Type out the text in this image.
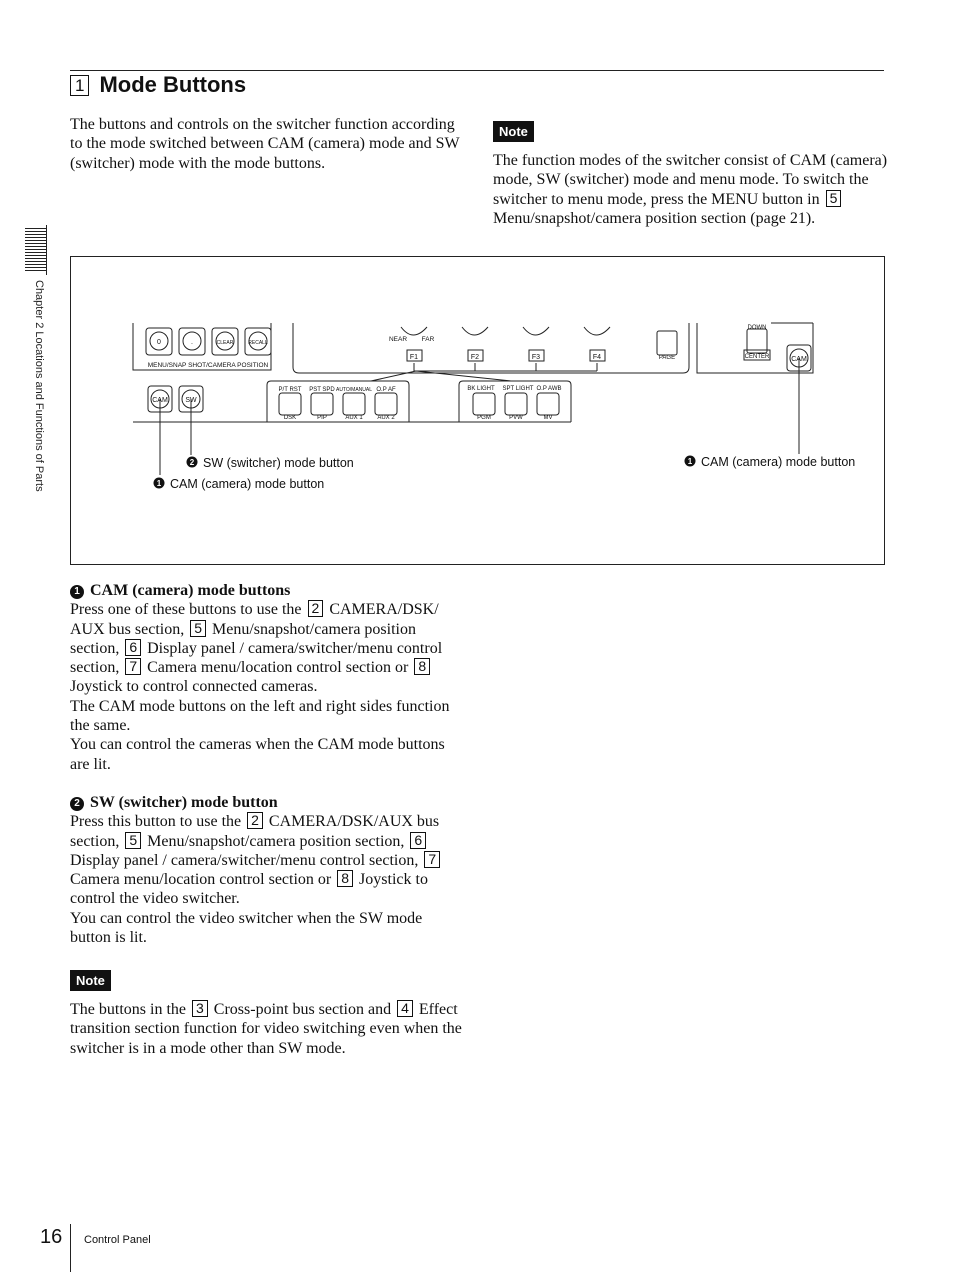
1 Mode Buttons
The buttons and controls on the switcher function according to the mode switched between CAM (camera) mode and SW (switcher) mode with the mode buttons.
Note
The function modes of the switcher consist of CAM (camera) mode, SW (switcher) mode and menu mode. To switch the switcher to menu mode, press the MENU button in 5 Menu/snapshot/camera position section (page 21).
Chapter 2 Locations and Functions of Parts	0	.	CLEAR	RECALL
MENU/SNAP SHOT/CAMERA POSITION
NEAR FAR
F1	F2	F3	F4	PAGE
DOWN
CENTER	CAM
CAM	SW
P/T RST PST SPD AUTO/MANUAL O.P AF
DSK	PIP	AUX 1 AUX 2
BK LIGHT SPT LIGHT O.P AWB
PGM	PVW	MV
2 SW (switcher) mode button
1 CAM (camera) mode button
1 CAM (camera) mode button
1 CAM (camera) mode buttons
Press one of these buttons to use the 2 CAMERA/DSK/ AUX bus section, 5 Menu/snapshot/camera position section, 6 Display panel / camera/switcher/menu control section, 7 Camera menu/location control section or 8 Joystick to control connected cameras.
The CAM mode buttons on the left and right sides function the same.
You can control the cameras when the CAM mode buttons are lit.
2 SW (switcher) mode button
Press this button to use the 2 CAMERA/DSK/AUX bus section, 5 Menu/snapshot/camera position section, 6 Display panel / camera/switcher/menu control section, 7 Camera menu/location control section or 8 Joystick to control the video switcher.
You can control the video switcher when the SW mode button is lit.
Note
The buttons in the 3 Cross-point bus section and 4 Effect transition section function for video switching even when the switcher is in a mode other than SW mode.
16 Control Panel
